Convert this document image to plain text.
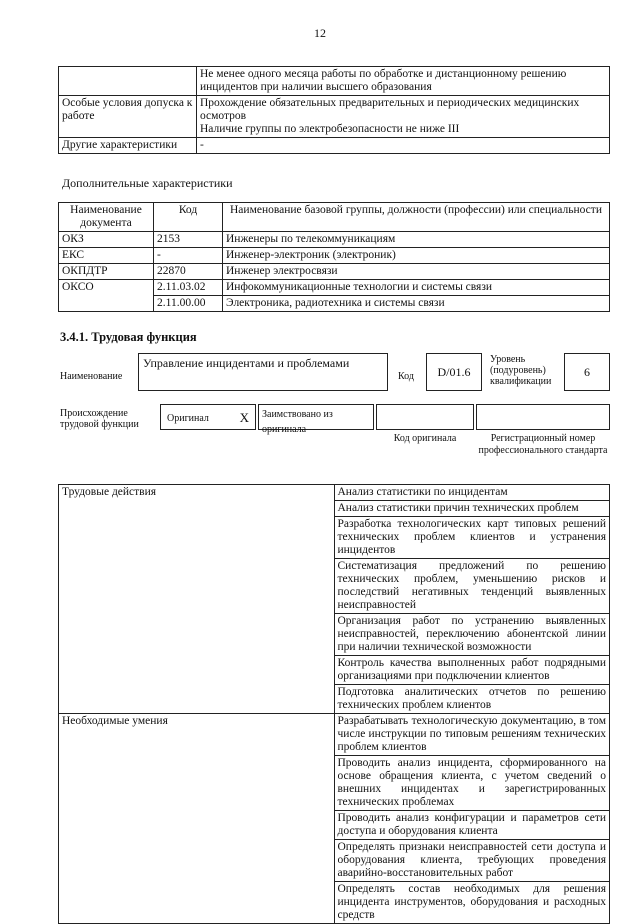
12

	Не менее одного месяца работы по обработке и дистанционному решению инцидентов при наличии высшего образования

Особые условия допуска к работе	Прохождение обязательных предварительных и периодических медицинских осмотров
Наличие группы по электробезопасности не ниже III

Другие характеристики	-
Дополнительные характеристики
Наименование документа	Код	Наименование базовой группы, должности (профессии) или специальности
ОКЗ	2153	Инженеры по телекоммуникациям
ЕКС	-	Инженер-электроник (электроник)
ОКПДТР	22870	Инженер электросвязи
ОКСО	2.11.03.02	Инфокоммуникационные технологии и системы связи
	2.11.00.00	Электроника, радиотехника и системы связи
3.4.1. Трудовая функция
Наименование
Управление инцидентами и проблемами
Код	D/01.6
Уровень (подуровень) квалификации
6
Происхождение трудовой функции
Оригинал X	Заимствовано из оригинала
Код оригинала	Регистрационный номер профессионального стандарта
Трудовые действия	Анализ статистики по инцидентам
	Анализ статистики причин технических проблем
	Разработка технологических карт типовых решений технических проблем клиентов и устранения инцидентов
	Систематизация предложений по решению технических проблем, уменьшению рисков и последствий негативных тенденций выявленных неисправностей
	Организация работ по устранению выявленных неисправностей, переключению абонентской линии при наличии технической возможности
	Контроль качества выполненных работ подрядными организациями при подключении клиентов
	Подготовка аналитических отчетов по решению технических проблем клиентов
Необходимые умения	Разрабатывать технологическую документацию, в том числе инструкции по типовым решениям технических проблем клиентов
	Проводить анализ инцидента, сформированного на основе обращения клиента, с учетом сведений о внешних инцидентах и зарегистрированных технических проблемах
	Проводить анализ конфигурации и параметров сети доступа и оборудования клиента
	Определять признаки неисправностей сети доступа и оборудования клиента, требующих проведения аварийно-восстановительных работ
	Определять состав необходимых для решения инцидента инструментов, оборудования и расходных средств
